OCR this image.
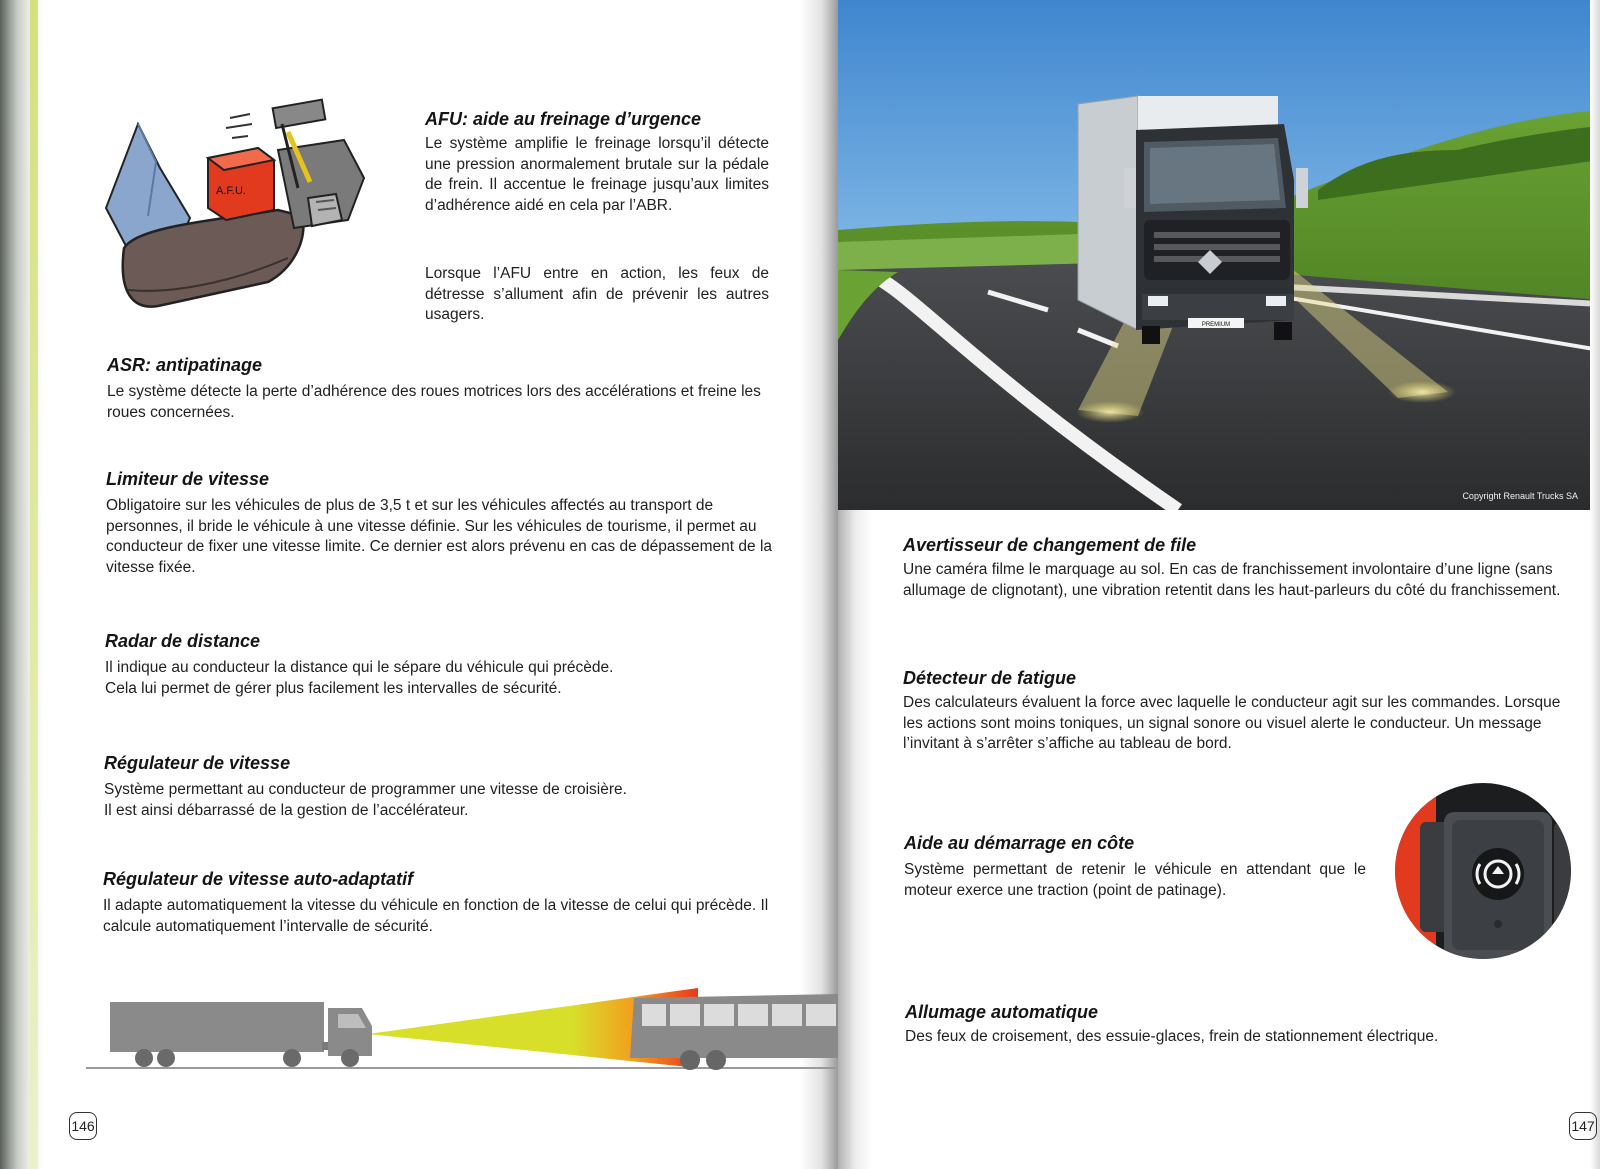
A.F.U.
AFU: aide au freinage d’urgence

Le système amplifie le freinage lorsqu’il détecte une pression anormalement brutale sur la pédale de frein. Il accentue le freinage jusqu’aux limites d’adhérence aidé en cela par l’ABR.

Lorsque l’AFU entre en action, les feux de détresse s’allument afin de prévenir les autres usagers.

ASR: antipatinage

Le système détecte la perte d’adhérence des roues motrices lors des accélérations et freine les roues concernées.

Limiteur de vitesse

Obligatoire sur les véhicules de plus de 3,5 t et sur les véhicules affectés au transport de personnes, il bride le véhicule à une vitesse définie. Sur les véhicules de tourisme, il permet au conducteur de fixer une vitesse limite. Ce dernier est alors prévenu en cas de dépassement de la vitesse fixée.

Radar de distance

Il indique au conducteur la distance qui le sépare du véhicule qui précède.

Cela lui permet de gérer plus facilement les intervalles de sécurité.

Régulateur de vitesse

Système permettant au conducteur de programmer une vitesse de croisière.

Il est ainsi débarrassé de la gestion de l’accélérateur.

Régulateur de vitesse auto-adaptatif

Il adapte automatiquement la vitesse du véhicule en fonction de la vitesse de celui qui précède. Il calcule automatiquement l’intervalle de sécurité.

146
PREMIUM
Copyright Renault Trucks SA
Avertisseur de changement de file

Une caméra filme le marquage au sol. En cas de franchissement involontaire d’une ligne (sans allumage de clignotant), une vibration retentit dans les haut-parleurs du côté du franchissement.

Détecteur de fatigue

Des calculateurs évaluent la force avec laquelle le conducteur agit sur les commandes. Lorsque les actions sont moins toniques, un signal sonore ou visuel alerte le conducteur. Un message l’invitant à s’arrêter s’affiche au tableau de bord.

Aide au démarrage en côte

Système permettant de retenir le véhicule en attendant que le moteur exerce une traction (point de patinage).

Allumage automatique

Des feux de croisement, des essuie-glaces, frein de stationnement électrique.

147
